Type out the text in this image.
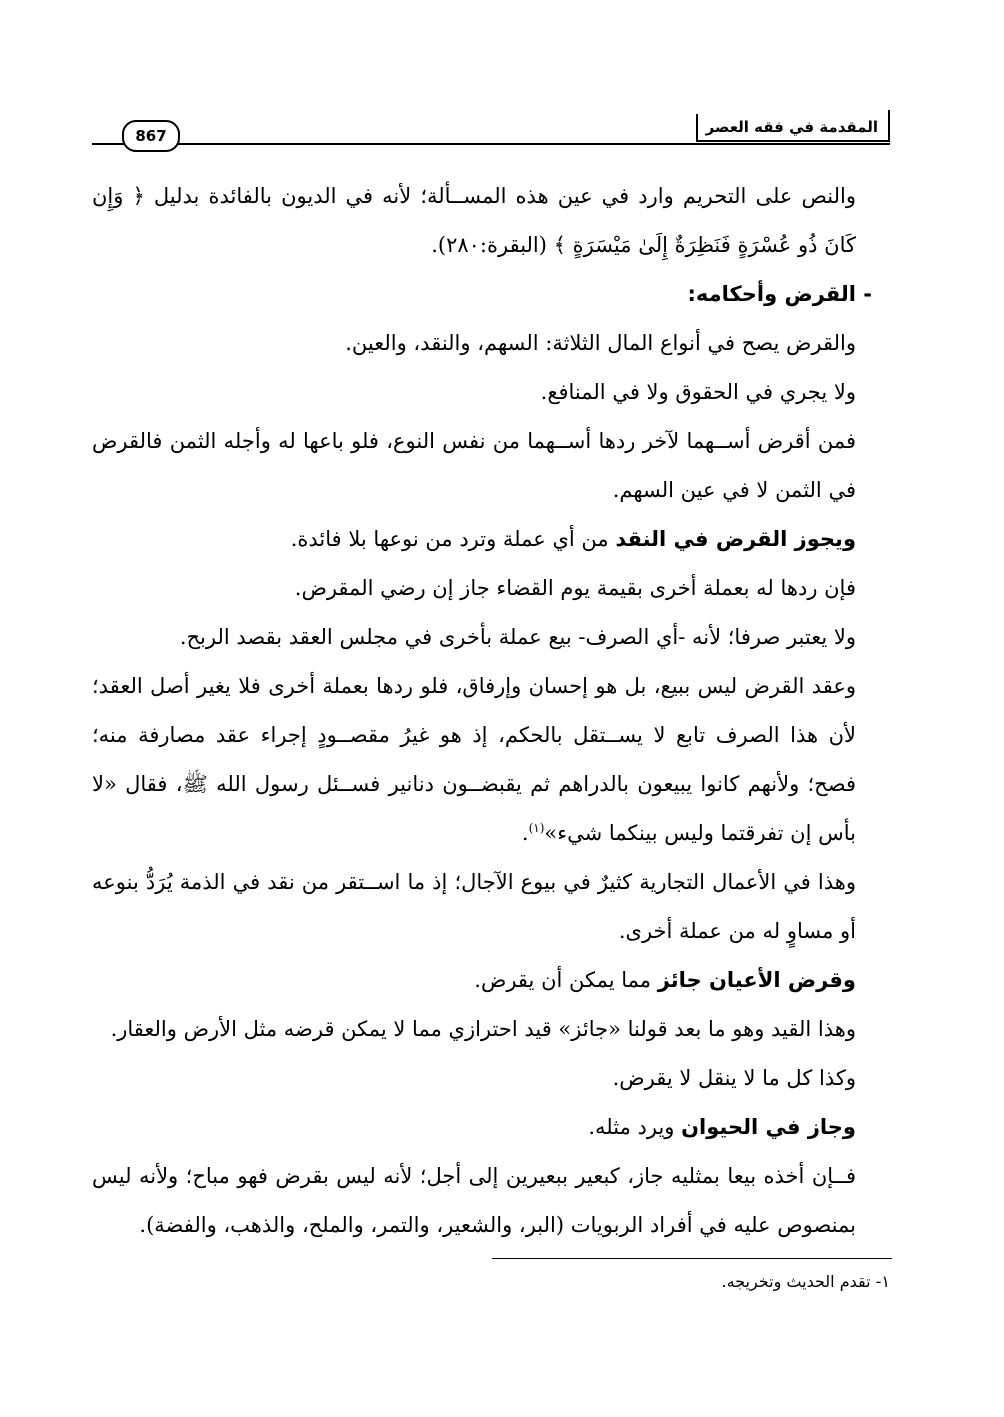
المقدمة في فقه العصر
867

والنص على التحريم وارد في عين هذه المســألة؛ لأنه في الديون بالفائدة بدليل ﴿ وَإِن كَانَ ذُو عُسْرَةٍ فَنَظِرَةٌ إِلَىٰ مَيْسَرَةٍ ﴾ (البقرة:٢٨٠).

- القرض وأحكامه:

والقرض يصح في أنواع المال الثلاثة: السهم، والنقد، والعين.

ولا يجري في الحقوق ولا في المنافع.

فمن أقرض أســهما لآخر ردها أســهما من نفس النوع، فلو باعها له وأجله الثمن فالقرض في الثمن لا في عين السهم.

ويجوز القرض في النقد من أي عملة وترد من نوعها بلا فائدة.

فإن ردها له بعملة أخرى بقيمة يوم القضاء جاز إن رضي المقرض.

ولا يعتبر صرفا؛ لأنه -أي الصرف- بيع عملة بأخرى في مجلس العقد بقصد الربح.

وعقد القرض ليس ببيع، بل هو إحسان وإرفاق، فلو ردها بعملة أخرى فلا يغير أصل العقد؛ لأن هذا الصرف تابع لا يســتقل بالحكم، إذ هو غيرُ مقصــودٍ إجراء عقد مصارفة منه؛ فصح؛ ولأنهم كانوا يبيعون بالدراهم ثم يقبضــون دنانير فســئل رسول الله ﷺ، فقال «لا بأس إن تفرقتما وليس بينكما شيء»$^{(١)}$.

وهذا في الأعمال التجارية كثيرٌ في بيوع الآجال؛ إذ ما اســتقر من نقد في الذمة يُرَدُّ بنوعه أو مساوٍ له من عملة أخرى.

وقرض الأعيان جائز مما يمكن أن يقرض.

وهذا القيد وهو ما بعد قولنا «جائز» قيد احترازي مما لا يمكن قرضه مثل الأرض والعقار.

وكذا كل ما لا ينقل لا يقرض.

وجاز في الحيوان ويرد مثله.

فــإن أخذه بيعا بمثليه جاز، كبعير ببعيرين إلى أجل؛ لأنه ليس بقرض فهو مباح؛ ولأنه ليس بمنصوص عليه في أفراد الربويات (البر، والشعير، والتمر، والملح، والذهب، والفضة).

١- تقدم الحديث وتخريجه.
